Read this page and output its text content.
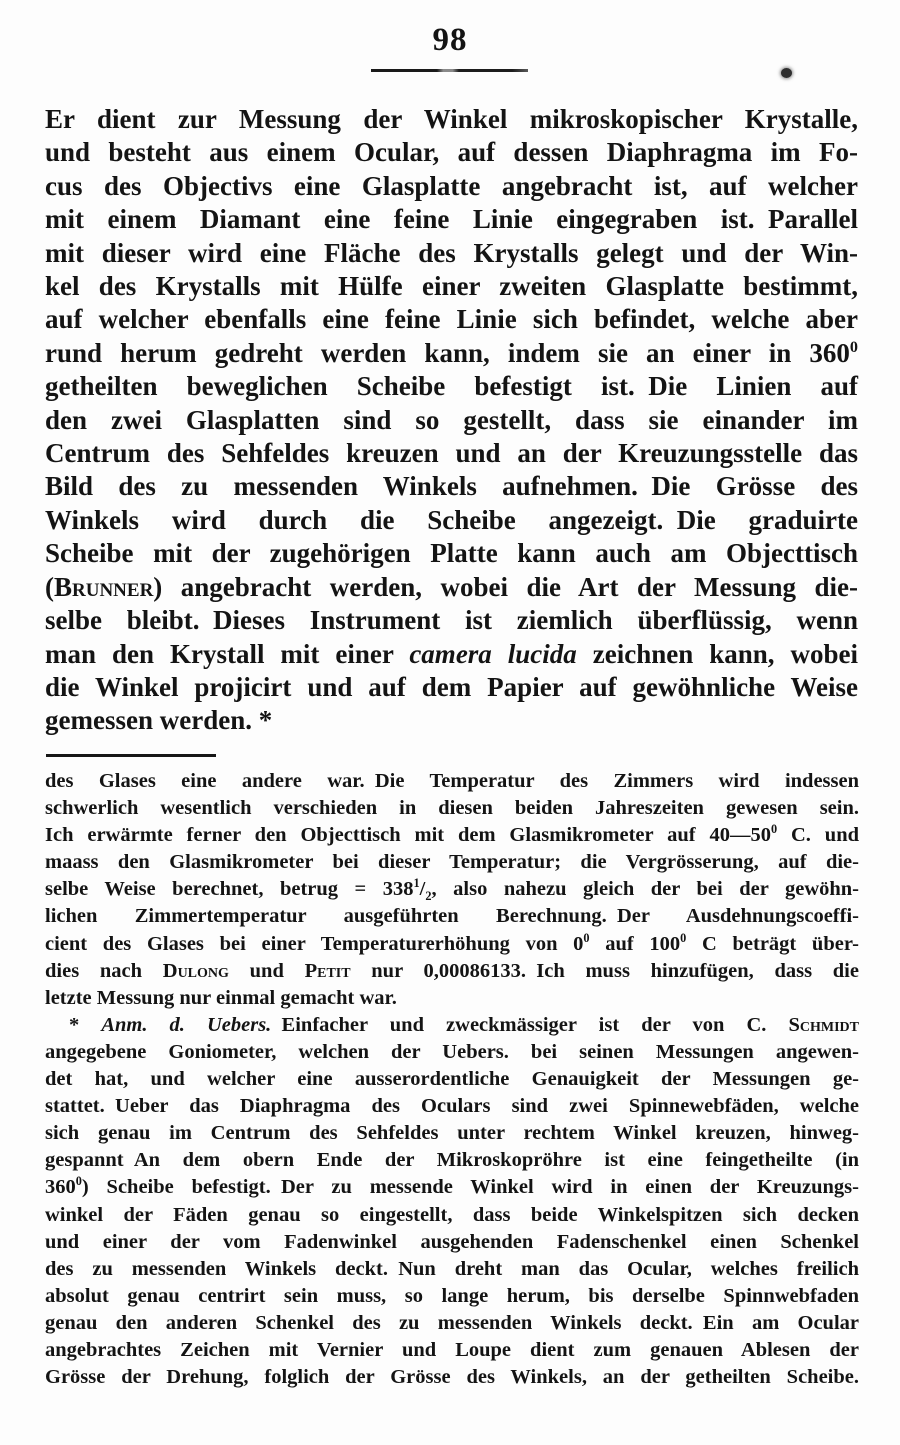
98
Er dient zur Messung der Winkel mikroskopischer Krystalle,
und besteht aus einem Ocular, auf dessen Diaphragma im Fo-
cus des Objectivs eine Glasplatte angebracht ist, auf welcher
mit einem Diamant eine feine Linie eingegraben ist. Parallel
mit dieser wird eine Fläche des Krystalls gelegt und der Win-
kel des Krystalls mit Hülfe einer zweiten Glasplatte bestimmt,
auf welcher ebenfalls eine feine Linie sich befindet, welche aber
rund herum gedreht werden kann, indem sie an einer in $360^0$
getheilten beweglichen Scheibe befestigt ist. Die Linien auf
den zwei Glasplatten sind so gestellt, dass sie einander im
Centrum des Sehfeldes kreuzen und an der Kreuzungsstelle das
Bild des zu messenden Winkels aufnehmen. Die Grösse des
Winkels wird durch die Scheibe angezeigt. Die graduirte
Scheibe mit der zugehörigen Platte kann auch am Objecttisch
(Brunner) angebracht werden, wobei die Art der Messung die-
selbe bleibt. Dieses Instrument ist ziemlich überflüssig, wenn
man den Krystall mit einer camera lucida zeichnen kann, wobei
die Winkel projicirt und auf dem Papier auf gewöhnliche Weise
gemessen werden. *
des Glases eine andere war. Die Temperatur des Zimmers wird indessen
schwerlich wesentlich verschieden in diesen beiden Jahreszeiten gewesen sein.
Ich erwärmte ferner den Objecttisch mit dem Glasmikrometer auf $40—50^0$ C. und
maass den Glasmikrometer bei dieser Temperatur; die Vergrösserung, auf die-
selbe Weise berechnet, betrug = $338^1/_2$, also nahezu gleich der bei der gewöhn-
lichen Zimmertemperatur ausgeführten Berechnung. Der Ausdehnungscoeffi-
cient des Glases bei einer Temperaturerhöhung von $0^0$ auf $100^0$ C beträgt über-
dies nach Dulong und Petit nur 0,00086133. Ich muss hinzufügen, dass die
letzte Messung nur einmal gemacht war.
* Anm. d. Uebers. Einfacher und zweckmässiger ist der von C. Schmidt
angegebene Goniometer, welchen der Uebers. bei seinen Messungen angewen-
det hat, und welcher eine ausserordentliche Genauigkeit der Messungen ge-
stattet. Ueber das Diaphragma des Oculars sind zwei Spinnewebfäden, welche
sich genau im Centrum des Sehfeldes unter rechtem Winkel kreuzen, hinweg-
gespannt An dem obern Ende der Mikroskopröhre ist eine feingetheilte (in
$360^0$) Scheibe befestigt. Der zu messende Winkel wird in einen der Kreuzungs-
winkel der Fäden genau so eingestellt, dass beide Winkelspitzen sich decken
und einer der vom Fadenwinkel ausgehenden Fadenschenkel einen Schenkel
des zu messenden Winkels deckt. Nun dreht man das Ocular, welches freilich
absolut genau centrirt sein muss, so lange herum, bis derselbe Spinnwebfaden
genau den anderen Schenkel des zu messenden Winkels deckt. Ein am Ocular
angebrachtes Zeichen mit Vernier und Loupe dient zum genauen Ablesen der
Grösse der Drehung, folglich der Grösse des Winkels, an der getheilten Scheibe.
